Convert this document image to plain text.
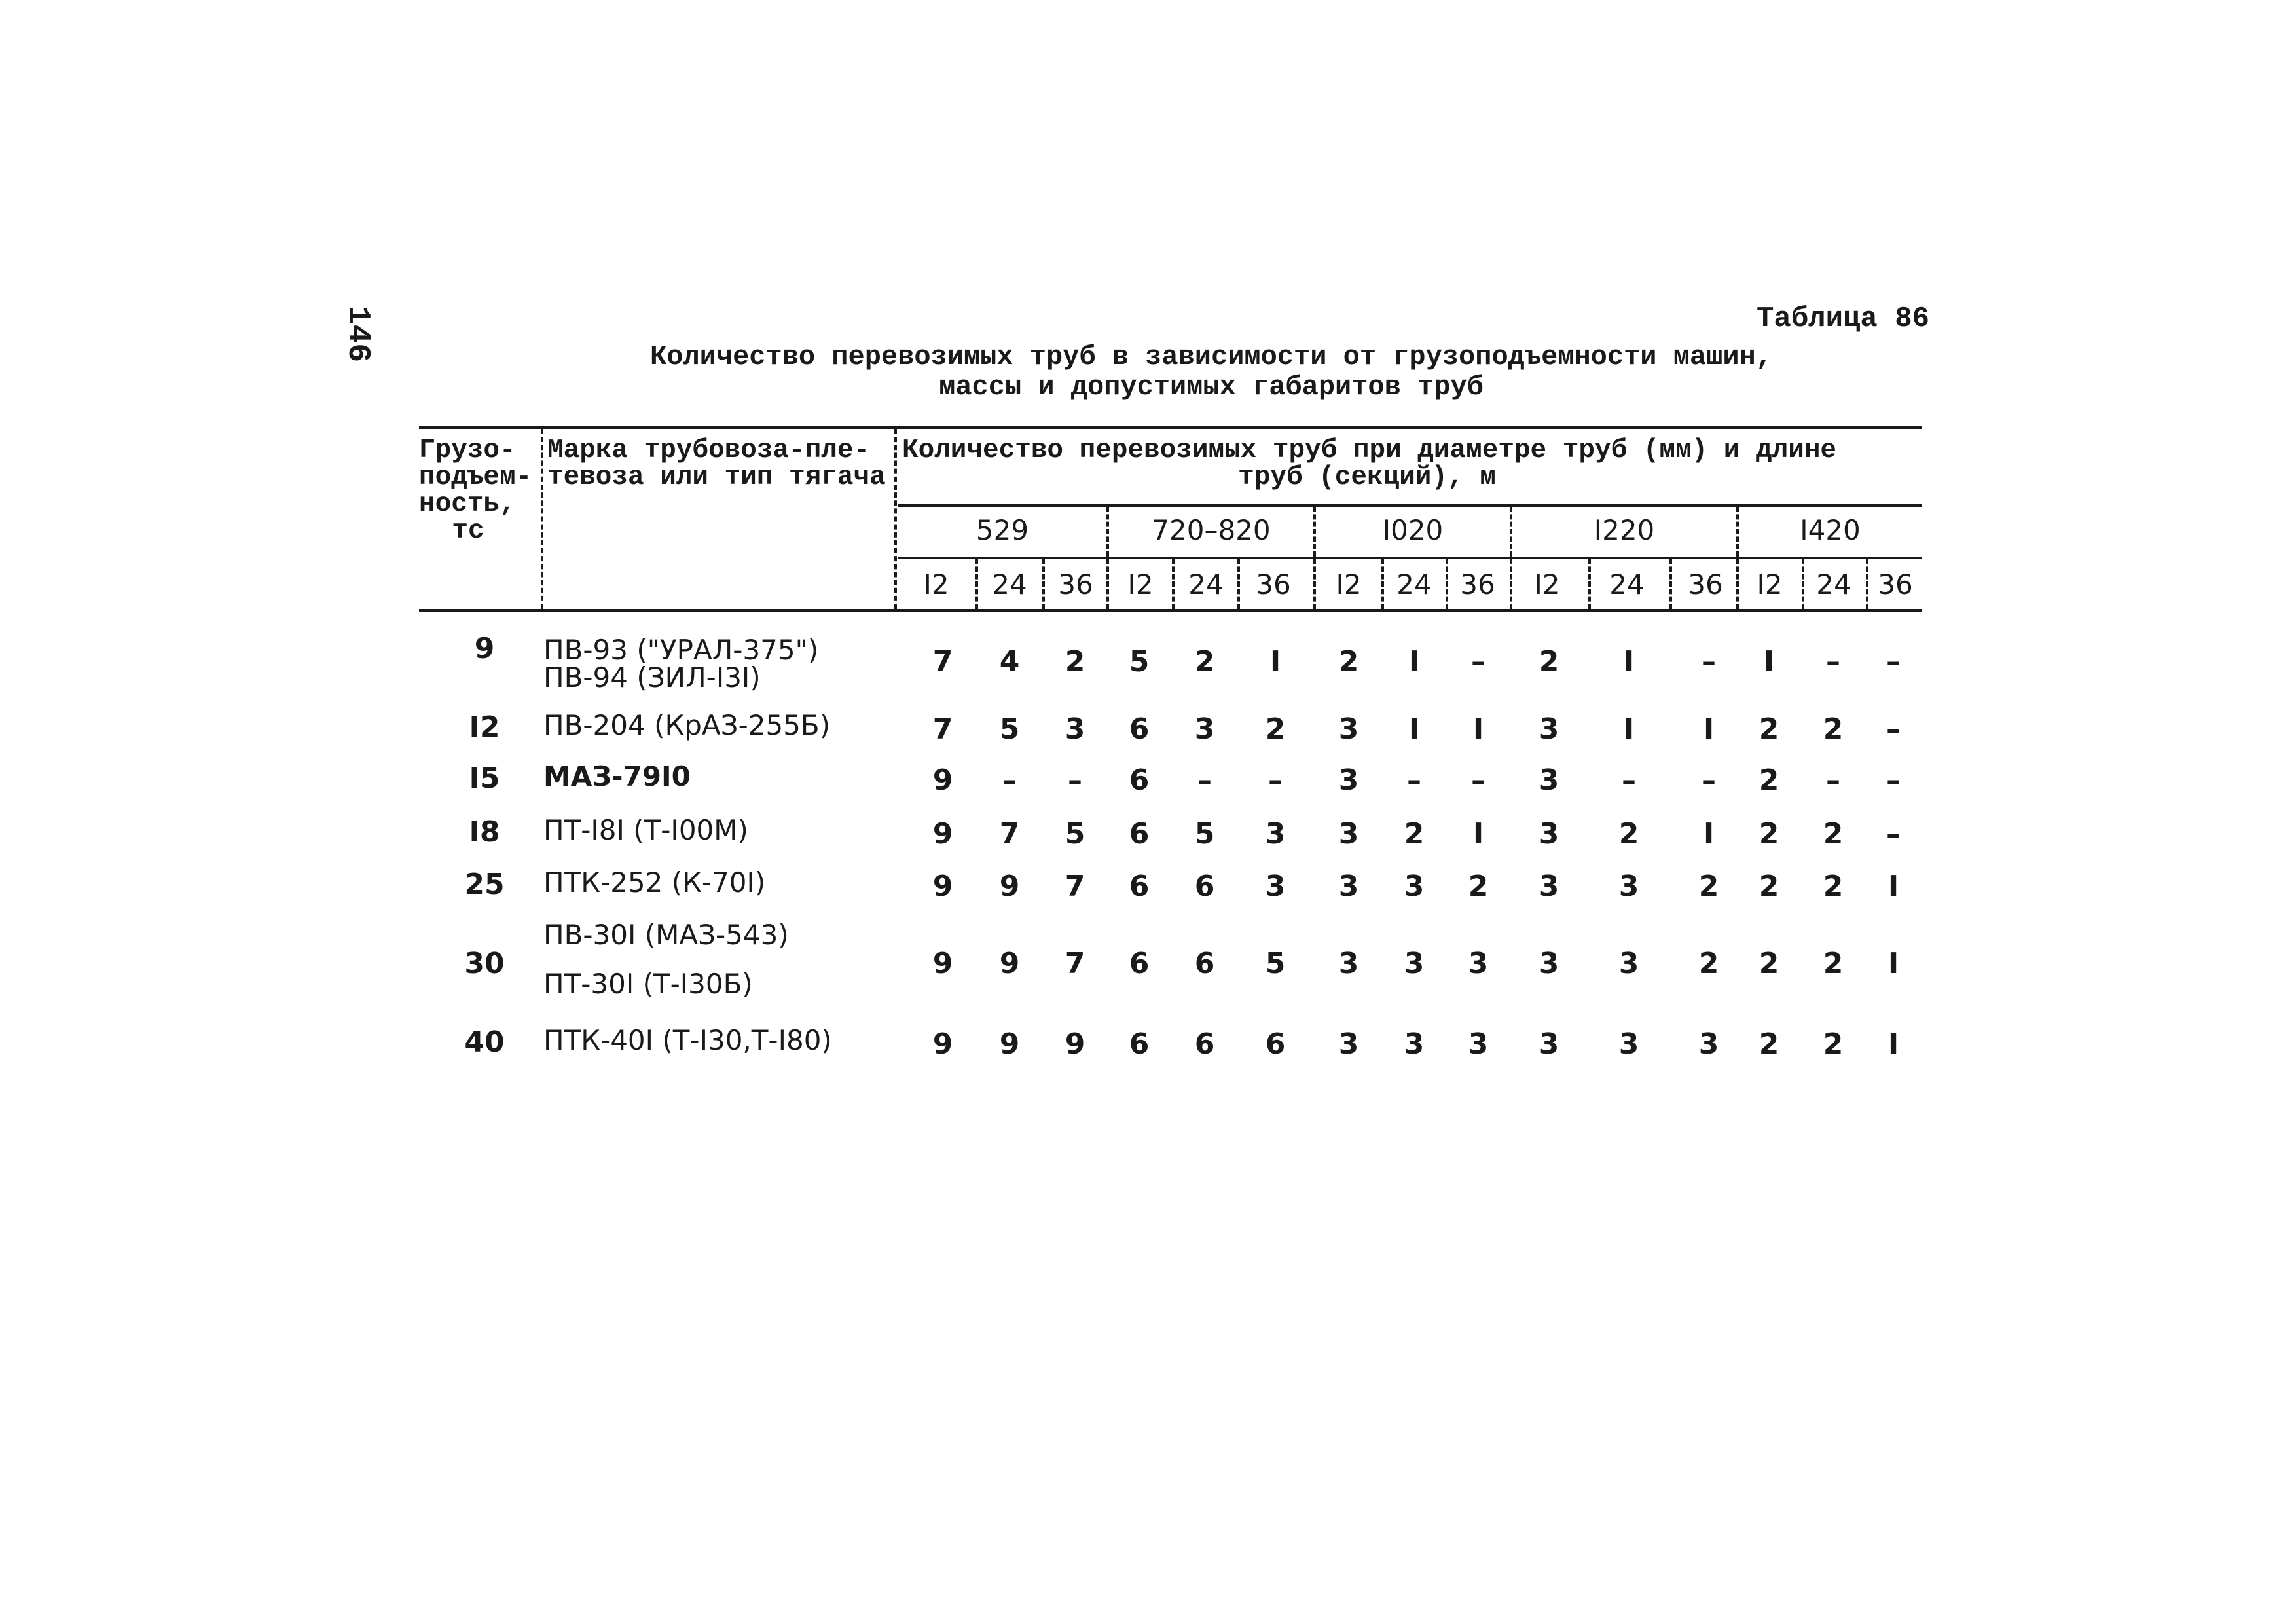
146	Таблица 86
Количество перевозимых труб в зависимости от грузоподъемности машин,
массы и допустимых габаритов труб
Грузо-
подъем-
ность,
тс
Марка трубовоза-пле-
тевоза или тип тягача
Количество перевозимых труб при диаметре труб (мм) и длине
труб (секций), м
529	720–820	I020	I220	I420
I2	24	36	I2	24	36	I2	24	36	I2	24	36	I2	24 36
9	ПВ-93 ("УРАЛ-375")
ПВ-94 (ЗИЛ-I3I)	7	4	2	5	2	I	2	I	–	2	I	–	I	–	–
I2	ПВ-204 (КрАЗ-255Б)	7	5	3	6	3	2	3	I	I	3	I	I	2	2	–
I5	МАЗ-79I0	9	–	–	6	–	–	3	–	–	3	–	–	2	–	–
I8	ПТ-I8I (Т-I00М)	9	7	5	6	5	3	3	2	I	3	2	I	2	2	–
25	ПТК-252 (К-70I)	9	9	7	6	6	3	3	3	2	3	3	2	2	2	I
30
ПВ-30I (МАЗ-543)
ПТ-30I (Т-I30Б)
9	9	7	6	6	5	3	3	3	3	3	2	2	2	I
40	ПТК-40I (Т-I30,Т-I80)	9	9	9	6	6	6	3	3	3	3	3	3	2	2	I
